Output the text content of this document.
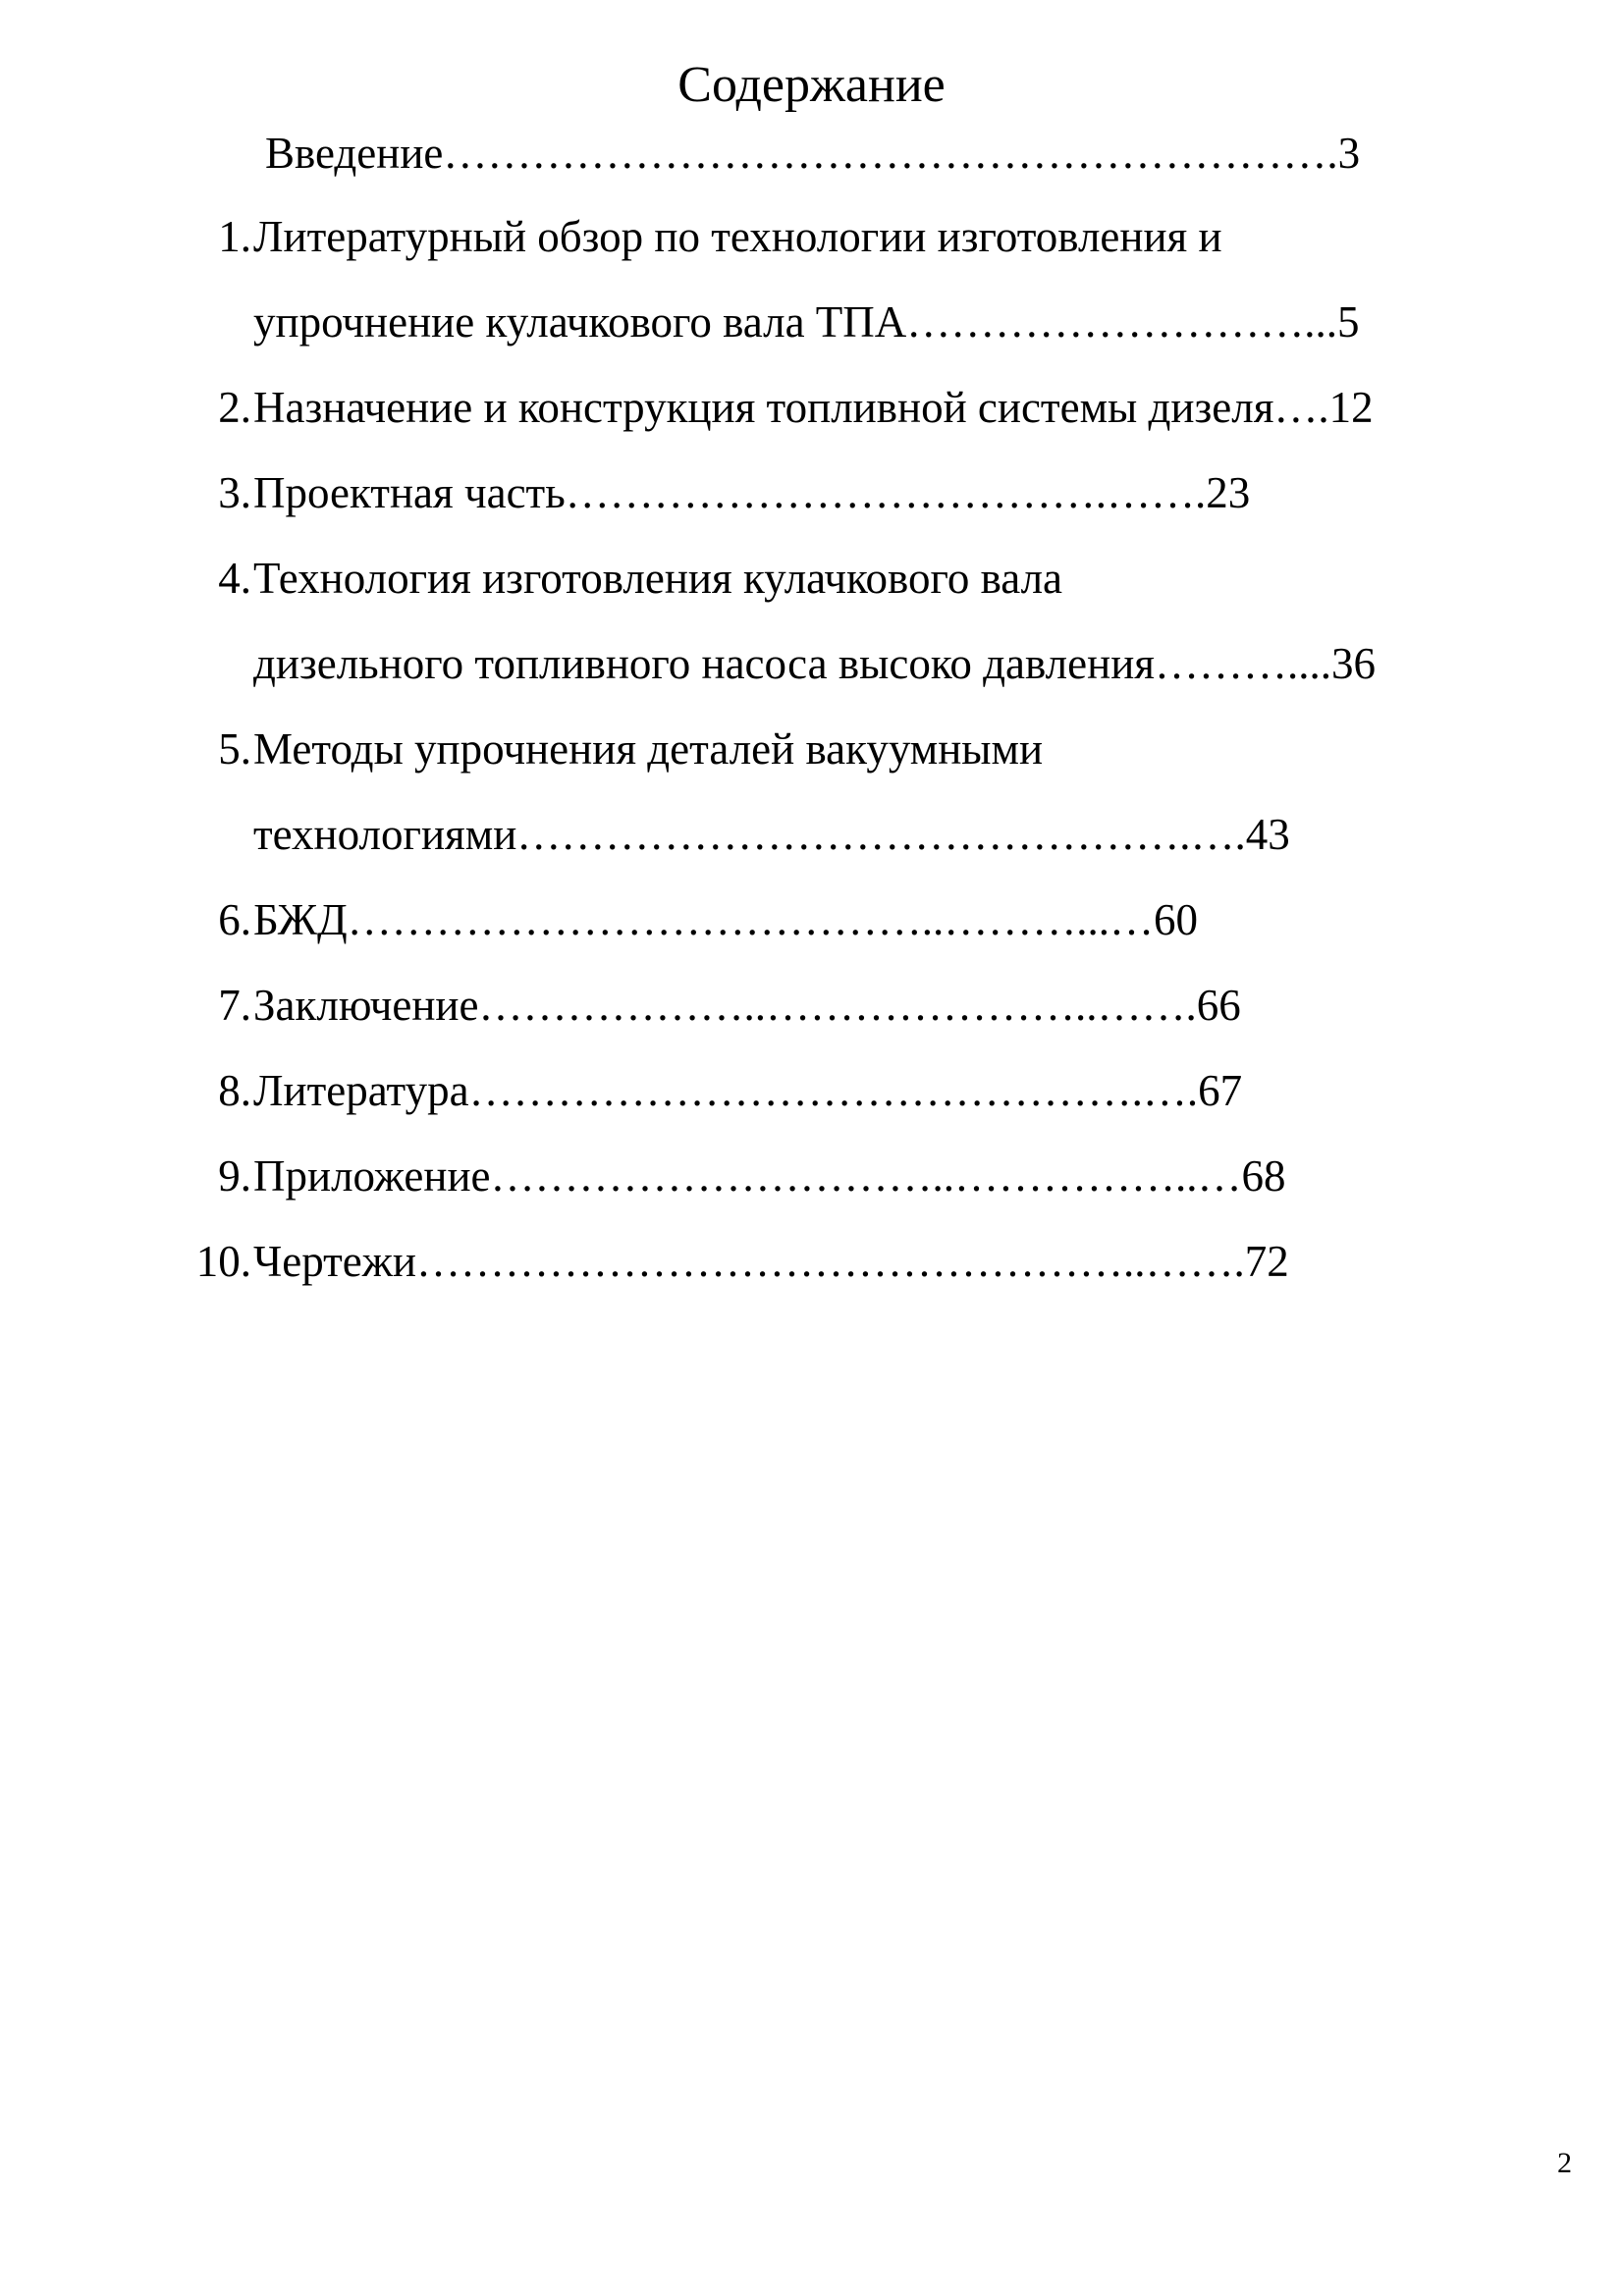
Содержание
Введение…………………………………………………….3
1. Литературный обзор по технологии изготовления и
упрочнение кулачкового вала ТПА………………………...5
2. Назначение и конструкция топливной системы дизеля….12
3. Проектная часть……………………………….…….23
4. Технология изготовления кулачкового вала
дизельного топливного насоса высоко давления………....36
5. Методы упрочнения деталей вакуумными
технологиями……………………………………….….43
6. БЖД…………………………………..………...…60
7. Заключение………………..…………………..…….66
8. Литература……………………………………….….67
9. Приложение…………………………..……………..…68
10. Чертежи…………………………………………..…….72
2
